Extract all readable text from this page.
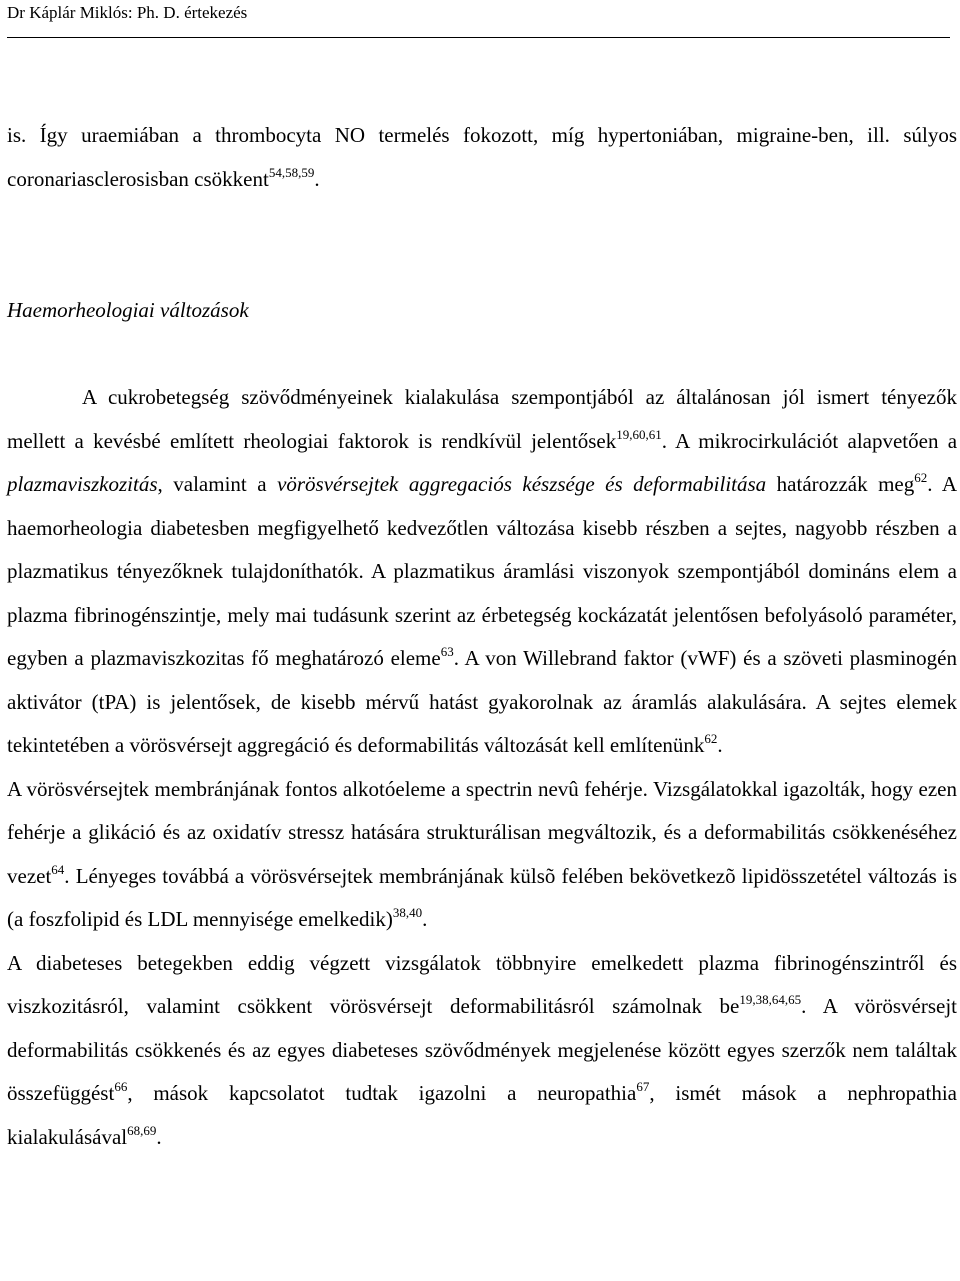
Dr Káplár Miklós: Ph. D. értekezés

is. Így uraemiában a thrombocyta NO termelés fokozott, míg hypertoniában, migraine-ben, ill. súlyos coronariasclerosisban csökkent$^{54,58,59}$.

Haemorheologiai változások

A cukrobetegség szövődményeinek kialakulása szempontjából az általánosan jól ismert tényezők mellett a kevésbé említett rheologiai faktorok is rendkívül jelentősek$^{19,60,61}$. A mikrocirkulációt alapvetően a plazmaviszkozitás, valamint a vörösvérsejtek aggregaciós készsége és deformabilitása határozzák meg$^{62}$. A haemorheologia diabetesben megfigyelhető kedvezőtlen változása kisebb részben a sejtes, nagyobb részben a plazmatikus tényezőknek tulajdoníthatók. A plazmatikus áramlási viszonyok szempontjából domináns elem a plazma fibrinogénszintje, mely mai tudásunk szerint az érbetegség kockázatát jelentősen befolyásoló paraméter, egyben a plazmaviszkozitas fő meghatározó eleme$^{63}$. A von Willebrand faktor (vWF) és a szöveti plasminogén aktivátor (tPA) is jelentősek, de kisebb mérvű hatást gyakorolnak az áramlás alakulására. A sejtes elemek tekintetében a vörösvérsejt aggregáció és deformabilitás változását kell említenünk$^{62}$.

A vörösvérsejtek membránjának fontos alkotóeleme a spectrin nevû fehérje. Vizsgálatokkal igazolták, hogy ezen fehérje a glikáció és az oxidatív stressz hatására strukturálisan megváltozik, és a deformabilitás csökkenéséhez vezet$^{64}$. Lényeges továbbá a vörösvérsejtek membránjának külsõ felében bekövetkezõ lipidösszetétel változás is (a foszfolipid és LDL mennyisége emelkedik)$^{38,40}$.

A diabeteses betegekben eddig végzett vizsgálatok többnyire emelkedett plazma fibrinogénszintről és viszkozitásról, valamint csökkent vörösvérsejt deformabilitásról számolnak be$^{19,38,64,65}$. A vörösvérsejt deformabilitás csökkenés és az egyes diabeteses szövődmények megjelenése között egyes szerzők nem találtak összefüggést$^{66}$, mások kapcsolatot tudtak igazolni a neuropathia$^{67}$, ismét mások a nephropathia kialakulásával$^{68,69}$.
